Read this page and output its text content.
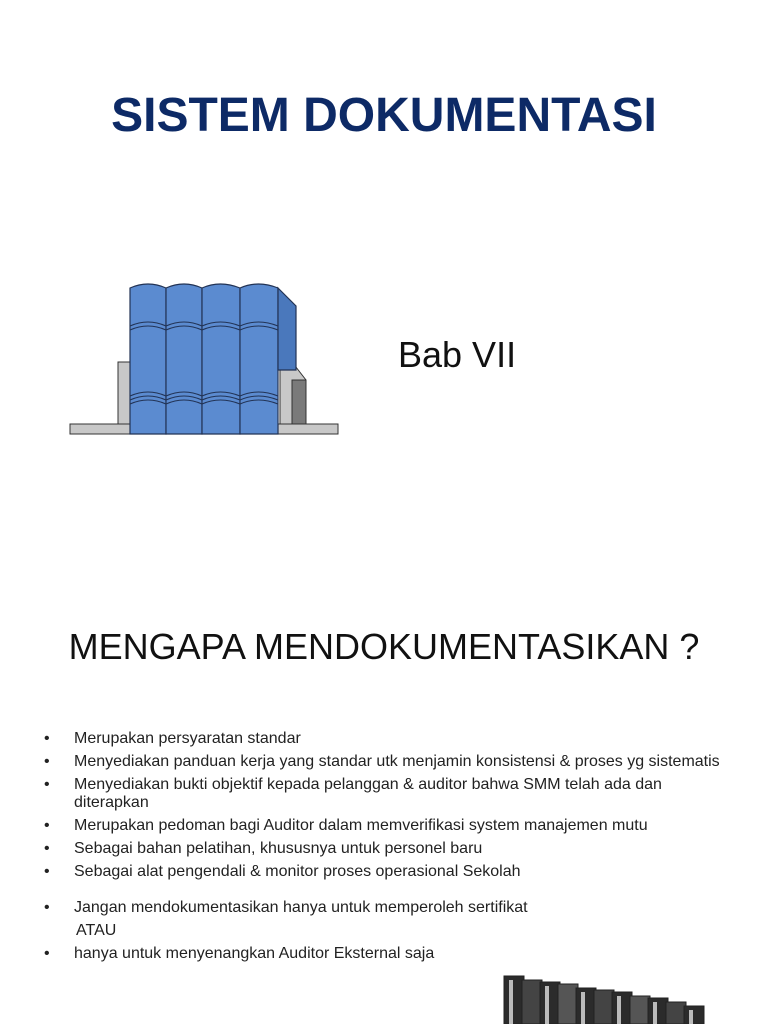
SISTEM DOKUMENTASI
Bab VII
MENGAPA MENDOKUMENTASIKAN ?
•	Merupakan persyaratan standar
•	Menyediakan panduan kerja yang standar utk menjamin konsistensi & proses yg sistematis
•	Menyediakan bukti objektif kepada pelanggan & auditor bahwa SMM telah ada dan diterapkan
•	Merupakan pedoman bagi Auditor dalam memverifikasi system manajemen mutu
•	Sebagai bahan pelatihan, khususnya untuk personel baru
•	Sebagai alat pengendali & monitor proses operasional Sekolah
•	Jangan mendokumentasikan hanya untuk memperoleh sertifikat
ATAU
•	hanya untuk menyenangkan Auditor Eksternal saja
